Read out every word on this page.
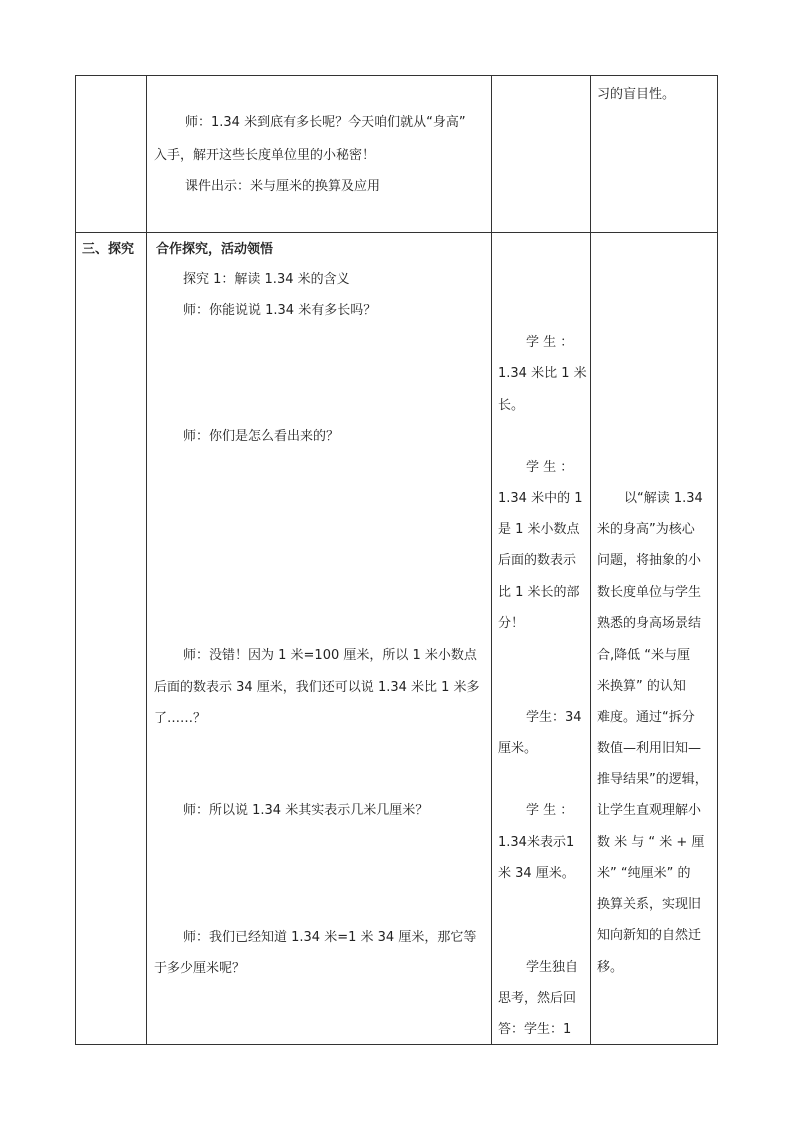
师：1.34 米到底有多长呢？今天咱们就从“身高”
入手，解开这些长度单位里的小秘密！
课件出示：米与厘米的换算及应用
习的盲目性。
三、探究 合作探究，活动领悟
探究 1：解读 1.34 米的含义
师：你能说说 1.34 米有多长吗？
师：你们是怎么看出来的？
师：没错！因为 1 米=100 厘米，所以 1 米小数点
后面的数表示 34 厘米，我们还可以说 1.34 米比 1 米多
了……？
师：所以说 1.34 米其实表示几米几厘米？
师：我们已经知道 1.34 米=1 米 34 厘米，那它等
于多少厘米呢？
学 生 ：
1.34 米比 1 米
长。
学 生 ：
1.34 米中的 1
是 1 米小数点
后面的数表示
比 1 米长的部
分！
学生：34
厘米。
学 生 ：
1.34米表示1
米 34 厘米。
学生独自
思考，然后回
答：学生：1
以“解读 1.34
米的身高”为核心
问题，将抽象的小
数长度单位与学生
熟悉的身高场景结
合,降低 “米与厘
米换算” 的认知
难度。通过“拆分
数值—利用旧知—
推导结果”的逻辑，
让学生直观理解小
数 米 与 “ 米 + 厘
米” “纯厘米” 的
换算关系，实现旧
知向新知的自然迁
移。
